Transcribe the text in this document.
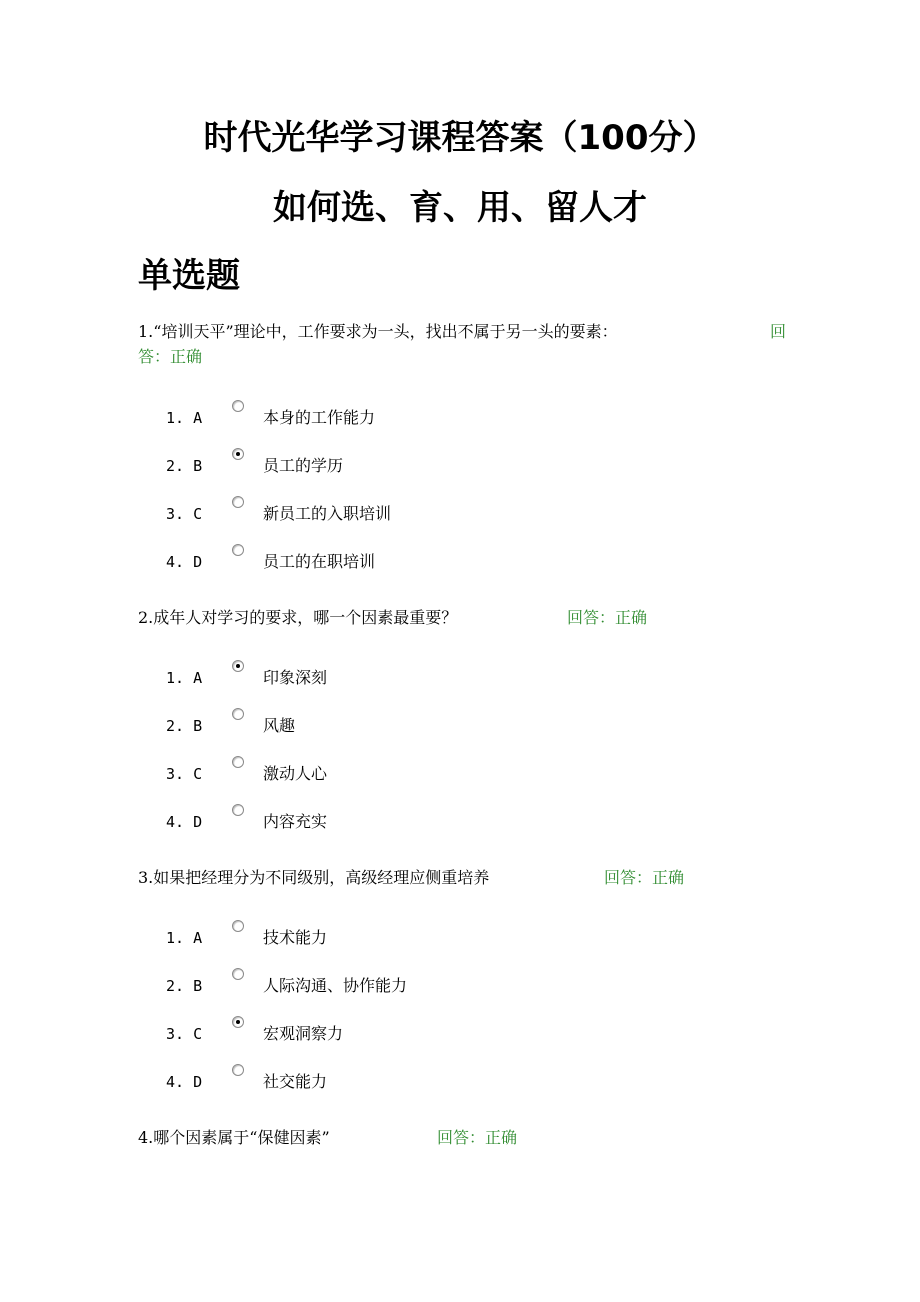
时代光华学习课程答案（100分）
如何选、育、用、留人才
单选题
1.“培训天平”理论中，工作要求为一头，找出不属于另一头的要素：	回
答：正确
1. A	本身的工作能力
2. B	员工的学历
3. C	新员工的入职培训
4. D	员工的在职培训
2.成年人对学习的要求，哪一个因素最重要？	回答：正确
1. A	印象深刻
2. B	风趣
3. C	激动人心
4. D	内容充实
3.如果把经理分为不同级别，高级经理应侧重培养	回答：正确
1. A	技术能力
2. B	人际沟通、协作能力
3. C	宏观洞察力
4. D	社交能力
4.哪个因素属于“保健因素”	回答：正确
